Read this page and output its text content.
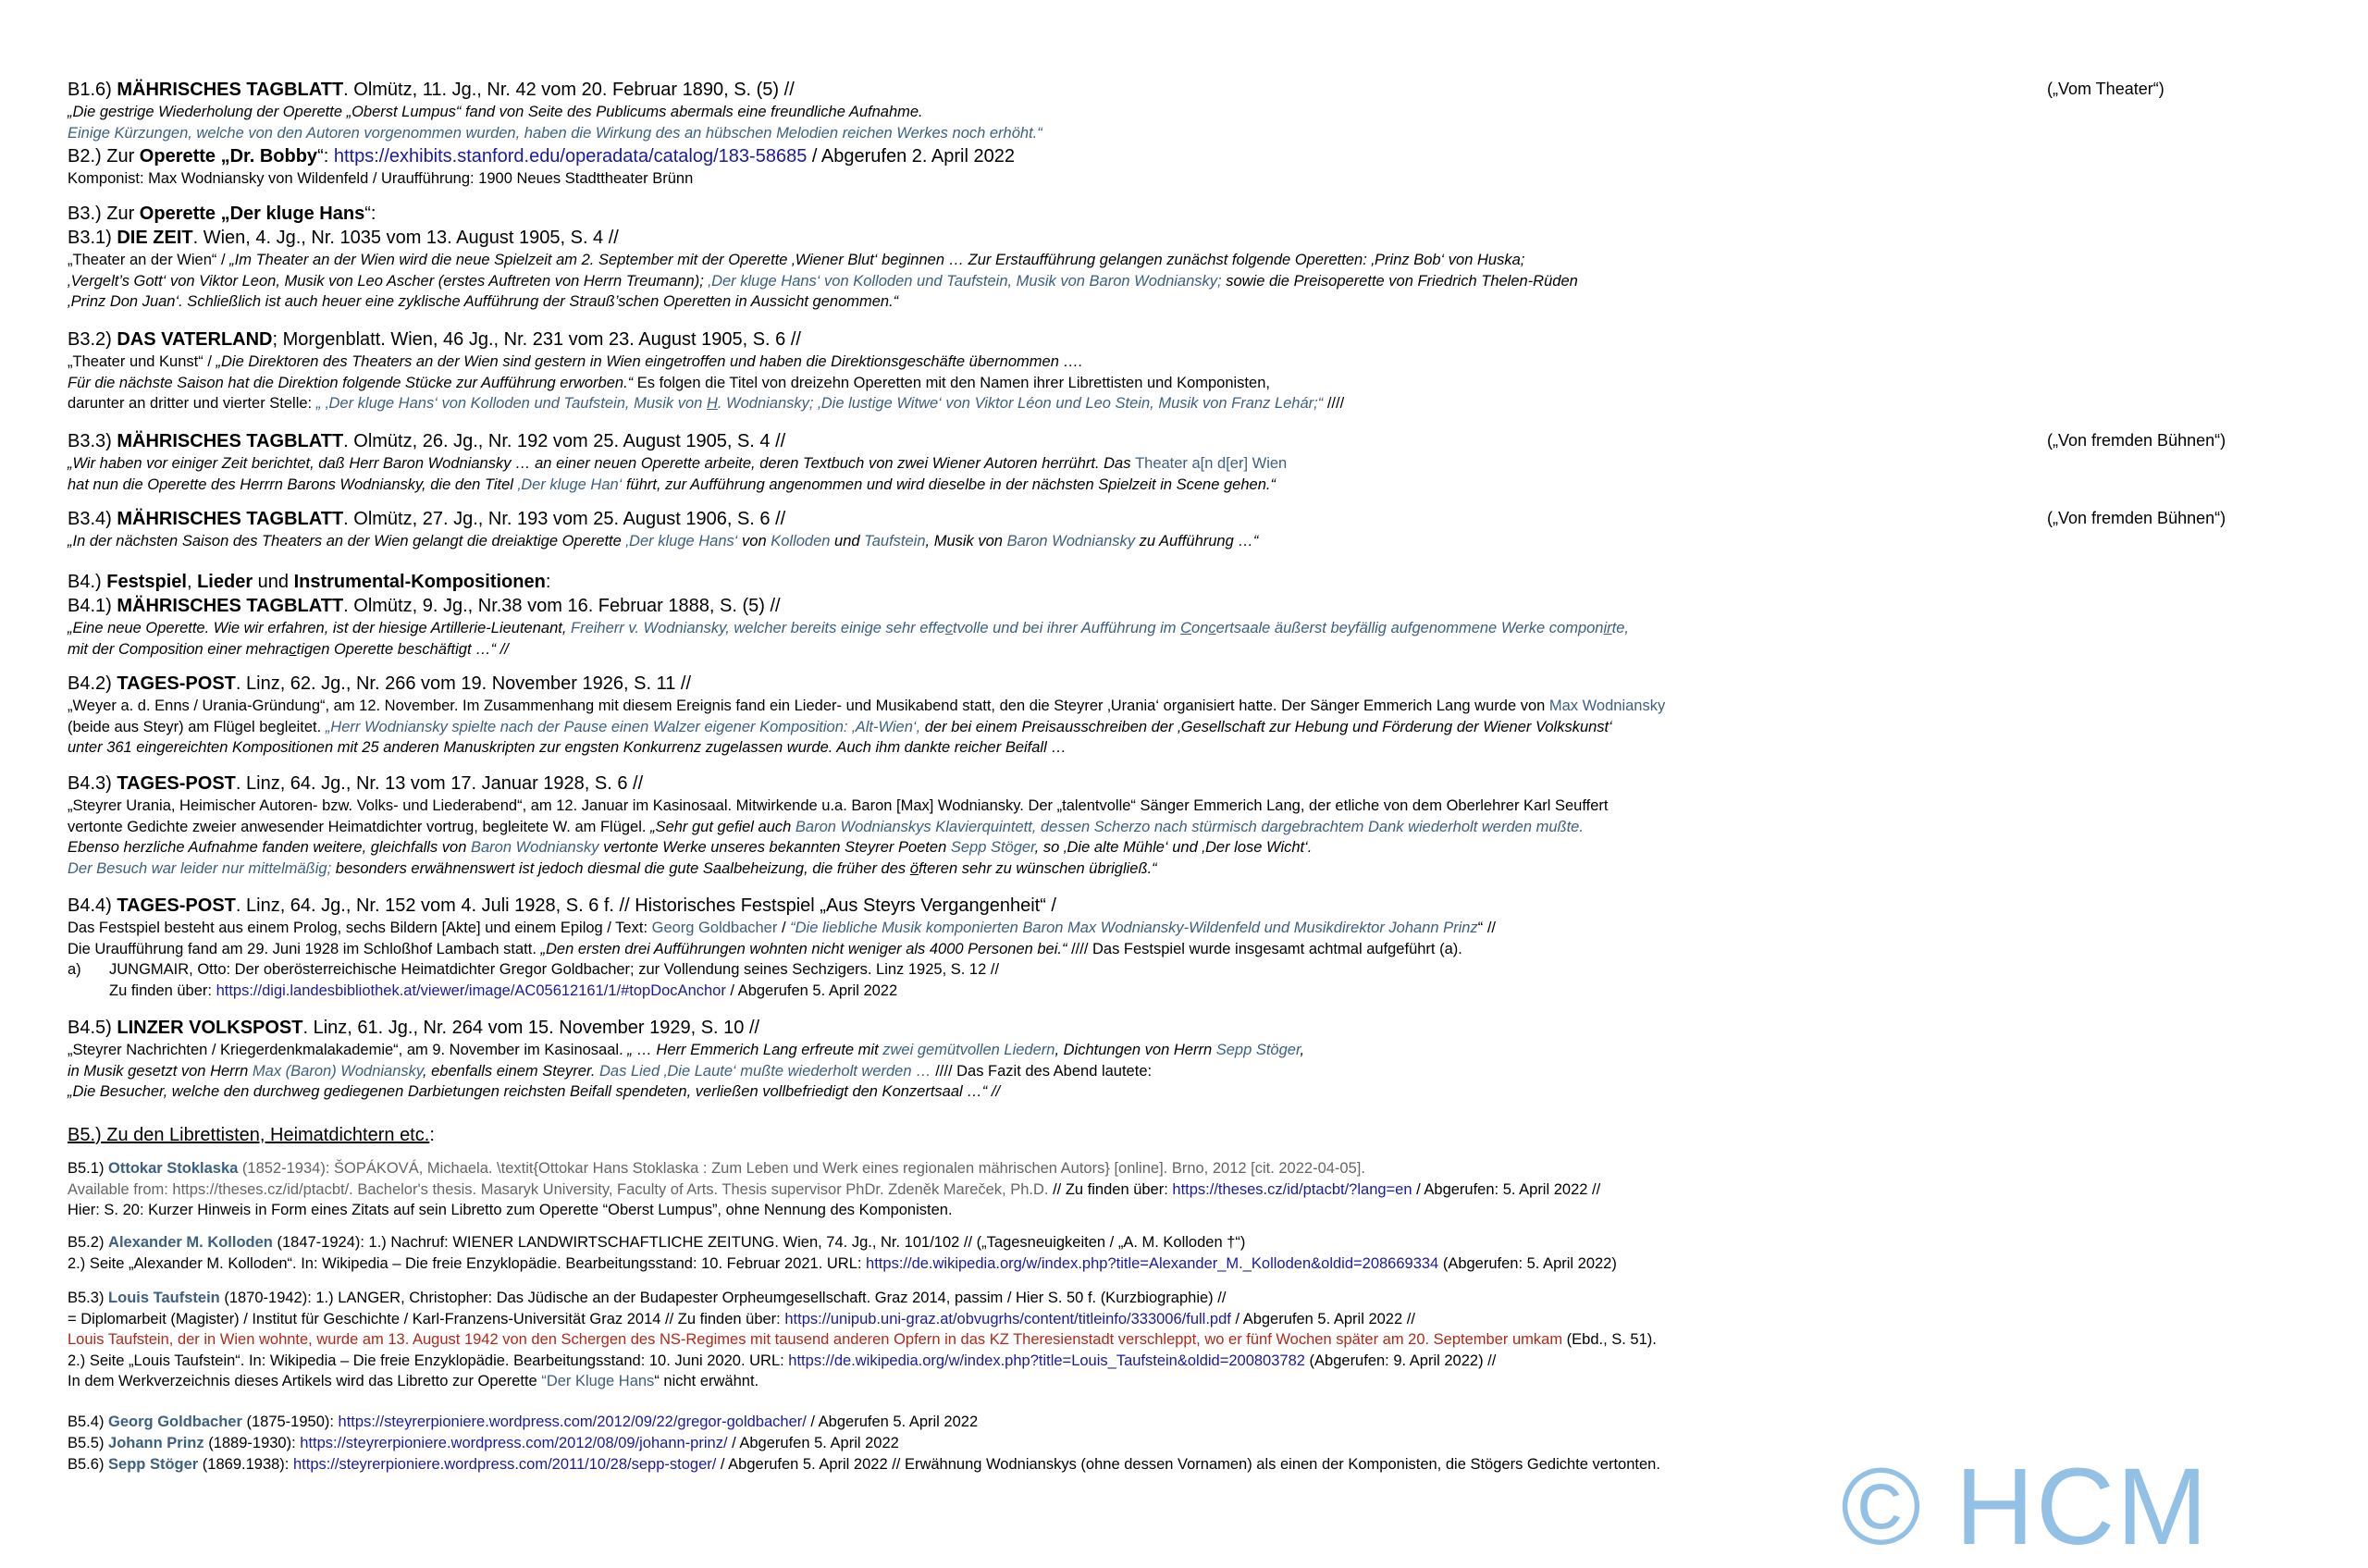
B1.6) MÄHRISCHES TAGBLATT. Olmütz, 11. Jg., Nr. 42 vom 20. Februar 1890, S. (5) //	(„Vom Theater“)

„Die gestrige Wiederholung der Operette „Oberst Lumpus“ fand von Seite des Publicums abermals eine freundliche Aufnahme.

Einige Kürzungen, welche von den Autoren vorgenommen wurden, haben die Wirkung des an hübschen Melodien reichen Werkes noch erhöht.“

B2.) Zur Operette „Dr. Bobby“: https://exhibits.stanford.edu/operadata/catalog/183-58685 / Abgerufen 2. April 2022

Komponist: Max Wodniansky von Wildenfeld / Uraufführung: 1900 Neues Stadttheater Brünn

B3.) Zur Operette „Der kluge Hans“:

B3.1) DIE ZEIT. Wien, 4. Jg., Nr. 1035 vom 13. August 1905, S. 4 //

„Theater an der Wien“ / „Im Theater an der Wien wird die neue Spielzeit am 2. September mit der Operette ‚Wiener Blut‘ beginnen … Zur Erstaufführung gelangen zunächst folgende Operetten: ‚Prinz Bob‘ von Huska;

‚Vergelt’s Gott‘ von Viktor Leon, Musik von Leo Ascher (erstes Auftreten von Herrn Treumann); ‚Der kluge Hans‘ von Kolloden und Taufstein, Musik von Baron Wodniansky; sowie die Preisoperette von Friedrich Thelen-Rüden

‚Prinz Don Juan‘. Schließlich ist auch heuer eine zyklische Aufführung der Strauß’schen Operetten in Aussicht genommen.“

B3.2) DAS VATERLAND; Morgenblatt. Wien, 46 Jg., Nr. 231 vom 23. August 1905, S. 6 //

„Theater und Kunst“ / „Die Direktoren des Theaters an der Wien sind gestern in Wien eingetroffen und haben die Direktionsgeschäfte übernommen ….

Für die nächste Saison hat die Direktion folgende Stücke zur Aufführung erworben.“ Es folgen die Titel von dreizehn Operetten mit den Namen ihrer Librettisten und Komponisten,

darunter an dritter und vierter Stelle: „ ‚Der kluge Hans‘ von Kolloden und Taufstein, Musik von H. Wodniansky; ‚Die lustige Witwe‘ von Viktor Léon und Leo Stein, Musik von Franz Lehár;“ ////

B3.3) MÄHRISCHES TAGBLATT. Olmütz, 26. Jg., Nr. 192 vom 25. August 1905, S. 4 //	(„Von fremden Bühnen“)

„Wir haben vor einiger Zeit berichtet, daß Herr Baron Wodniansky … an einer neuen Operette arbeite, deren Textbuch von zwei Wiener Autoren herrührt. Das Theater a[n d[er] Wien

hat nun die Operette des Herrrn Barons Wodniansky, die den Titel ‚Der kluge Han‘ führt, zur Aufführung angenommen und wird dieselbe in der nächsten Spielzeit in Scene gehen.“

B3.4) MÄHRISCHES TAGBLATT. Olmütz, 27. Jg., Nr. 193 vom 25. August 1906, S. 6 //	(„Von fremden Bühnen“)

„In der nächsten Saison des Theaters an der Wien gelangt die dreiaktige Operette ‚Der kluge Hans‘ von Kolloden und Taufstein, Musik von Baron Wodniansky zu Aufführung …“

B4.) Festspiel, Lieder und Instrumental-Kompositionen:

B4.1) MÄHRISCHES TAGBLATT. Olmütz, 9. Jg., Nr.38 vom 16. Februar 1888, S. (5) //

„Eine neue Operette. Wie wir erfahren, ist der hiesige Artillerie-Lieutenant, Freiherr v. Wodniansky, welcher bereits einige sehr effectvolle und bei ihrer Aufführung im Concertsaale äußerst beyfällig aufgenommene Werke componirte,

mit der Composition einer mehractigen Operette beschäftigt …“ //

B4.2) TAGES-POST. Linz, 62. Jg., Nr. 266 vom 19. November 1926, S. 11 //

„Weyer a. d. Enns / Urania-Gründung“, am 12. November. Im Zusammenhang mit diesem Ereignis fand ein Lieder- und Musikabend statt, den die Steyrer ‚Urania‘ organisiert hatte. Der Sänger Emmerich Lang wurde von Max Wodniansky

(beide aus Steyr) am Flügel begleitet. „Herr Wodniansky spielte nach der Pause einen Walzer eigener Komposition: ‚Alt-Wien‘, der bei einem Preisausschreiben der ‚Gesellschaft zur Hebung und Förderung der Wiener Volkskunst‘

unter 361 eingereichten Kompositionen mit 25 anderen Manuskripten zur engsten Konkurrenz zugelassen wurde. Auch ihm dankte reicher Beifall …

B4.3) TAGES-POST. Linz, 64. Jg., Nr. 13 vom 17. Januar 1928, S. 6 //

„Steyrer Urania, Heimischer Autoren- bzw. Volks- und Liederabend“, am 12. Januar im Kasinosaal. Mitwirkende u.a. Baron [Max] Wodniansky. Der „talentvolle“ Sänger Emmerich Lang, der etliche von dem Oberlehrer Karl Seuffert

vertonte Gedichte zweier anwesender Heimatdichter vortrug, begleitete W. am Flügel. „Sehr gut gefiel auch Baron Wodnianskys Klavierquintett, dessen Scherzo nach stürmisch dargebrachtem Dank wiederholt werden mußte.

Ebenso herzliche Aufnahme fanden weitere, gleichfalls von Baron Wodniansky vertonte Werke unseres bekannten Steyrer Poeten Sepp Stöger, so ‚Die alte Mühle‘ und ‚Der lose Wicht‘.

Der Besuch war leider nur mittelmäßig; besonders erwähnenswert ist jedoch diesmal die gute Saalbeheizung, die früher des öfteren sehr zu wünschen übrigließ.“

B4.4) TAGES-POST. Linz, 64. Jg., Nr. 152 vom 4. Juli 1928, S. 6 f. // Historisches Festspiel „Aus Steyrs Vergangenheit“ /

Das Festspiel besteht aus einem Prolog, sechs Bildern [Akte] und einem Epilog / Text: Georg Goldbacher / “Die liebliche Musik komponierten Baron Max Wodniansky-Wildenfeld und Musikdirektor Johann Prinz“ //

Die Uraufführung fand am 29. Juni 1928 im Schloßhof Lambach statt. „Den ersten drei Aufführungen wohnten nicht weniger als 4000 Personen bei.“ //// Das Festspiel wurde insgesamt achtmal aufgeführt (a).

a) JUNGMAIR, Otto: Der oberösterreichische Heimatdichter Gregor Goldbacher; zur Vollendung seines Sechzigers. Linz 1925, S. 12 //

Zu finden über: https://digi.landesbibliothek.at/viewer/image/AC05612161/1/#topDocAnchor / Abgerufen 5. April 2022

B4.5) LINZER VOLKSPOST. Linz, 61. Jg., Nr. 264 vom 15. November 1929, S. 10 //

„Steyrer Nachrichten / Kriegerdenkmalakademie“, am 9. November im Kasinosaal. „ … Herr Emmerich Lang erfreute mit zwei gemütvollen Liedern, Dichtungen von Herrn Sepp Stöger,

in Musik gesetzt von Herrn Max (Baron) Wodniansky, ebenfalls einem Steyrer. Das Lied ‚Die Laute‘ mußte wiederholt werden … //// Das Fazit des Abend lautete:

„Die Besucher, welche den durchweg gediegenen Darbietungen reichsten Beifall spendeten, verließen vollbefriedigt den Konzertsaal …“ //

B5.) Zu den Librettisten, Heimatdichtern etc.:

B5.1) Ottokar Stoklaska (1852-1934): ŠOPÁKOVÁ, Michaela. \textit{Ottokar Hans Stoklaska : Zum Leben und Werk eines regionalen mährischen Autors} [online]. Brno, 2012 [cit. 2022-04-05].

Available from: https://theses.cz/id/ptacbt/. Bachelor's thesis. Masaryk University, Faculty of Arts. Thesis supervisor PhDr. Zdeněk Mareček, Ph.D. // Zu finden über: https://theses.cz/id/ptacbt/?lang=en / Abgerufen: 5. April 2022 //

Hier: S. 20: Kurzer Hinweis in Form eines Zitats auf sein Libretto zum Operette “Oberst Lumpus”, ohne Nennung des Komponisten.

B5.2) Alexander M. Kolloden (1847-1924): 1.) Nachruf: WIENER LANDWIRTSCHAFTLICHE ZEITUNG. Wien, 74. Jg., Nr. 101/102 // („Tagesneuigkeiten / „A. M. Kolloden †“)

2.) Seite „Alexander M. Kolloden“. In: Wikipedia – Die freie Enzyklopädie. Bearbeitungsstand: 10. Februar 2021. URL: https://de.wikipedia.org/w/index.php?title=Alexander_M._Kolloden&oldid=208669334 (Abgerufen: 5. April 2022)

B5.3) Louis Taufstein (1870-1942): 1.) LANGER, Christopher: Das Jüdische an der Budapester Orpheumgesellschaft. Graz 2014, passim / Hier S. 50 f. (Kurzbiographie) //

= Diplomarbeit (Magister) / Institut für Geschichte / Karl-Franzens-Universität Graz 2014 // Zu finden über: https://unipub.uni-graz.at/obvugrhs/content/titleinfo/333006/full.pdf / Abgerufen 5. April 2022 //

Louis Taufstein, der in Wien wohnte, wurde am 13. August 1942 von den Schergen des NS-Regimes mit tausend anderen Opfern in das KZ Theresienstadt verschleppt, wo er fünf Wochen später am 20. September umkam (Ebd., S. 51).

2.) Seite „Louis Taufstein“. In: Wikipedia – Die freie Enzyklopädie. Bearbeitungsstand: 10. Juni 2020. URL: https://de.wikipedia.org/w/index.php?title=Louis_Taufstein&oldid=200803782 (Abgerufen: 9. April 2022) //

In dem Werkverzeichnis dieses Artikels wird das Libretto zur Operette “Der Kluge Hans“ nicht erwähnt.

B5.4) Georg Goldbacher (1875-1950): https://steyrerpioniere.wordpress.com/2012/09/22/gregor-goldbacher/ / Abgerufen 5. April 2022

B5.5) Johann Prinz (1889-1930): https://steyrerpioniere.wordpress.com/2012/08/09/johann-prinz/ / Abgerufen 5. April 2022

B5.6) Sepp Stöger (1869.1938): https://steyrerpioniere.wordpress.com/2011/10/28/sepp-stoger/ / Abgerufen 5. April 2022 // Erwähnung Wodnianskys (ohne dessen Vornamen) als einen der Komponisten, die Stögers Gedichte vertonten.	© HCM
